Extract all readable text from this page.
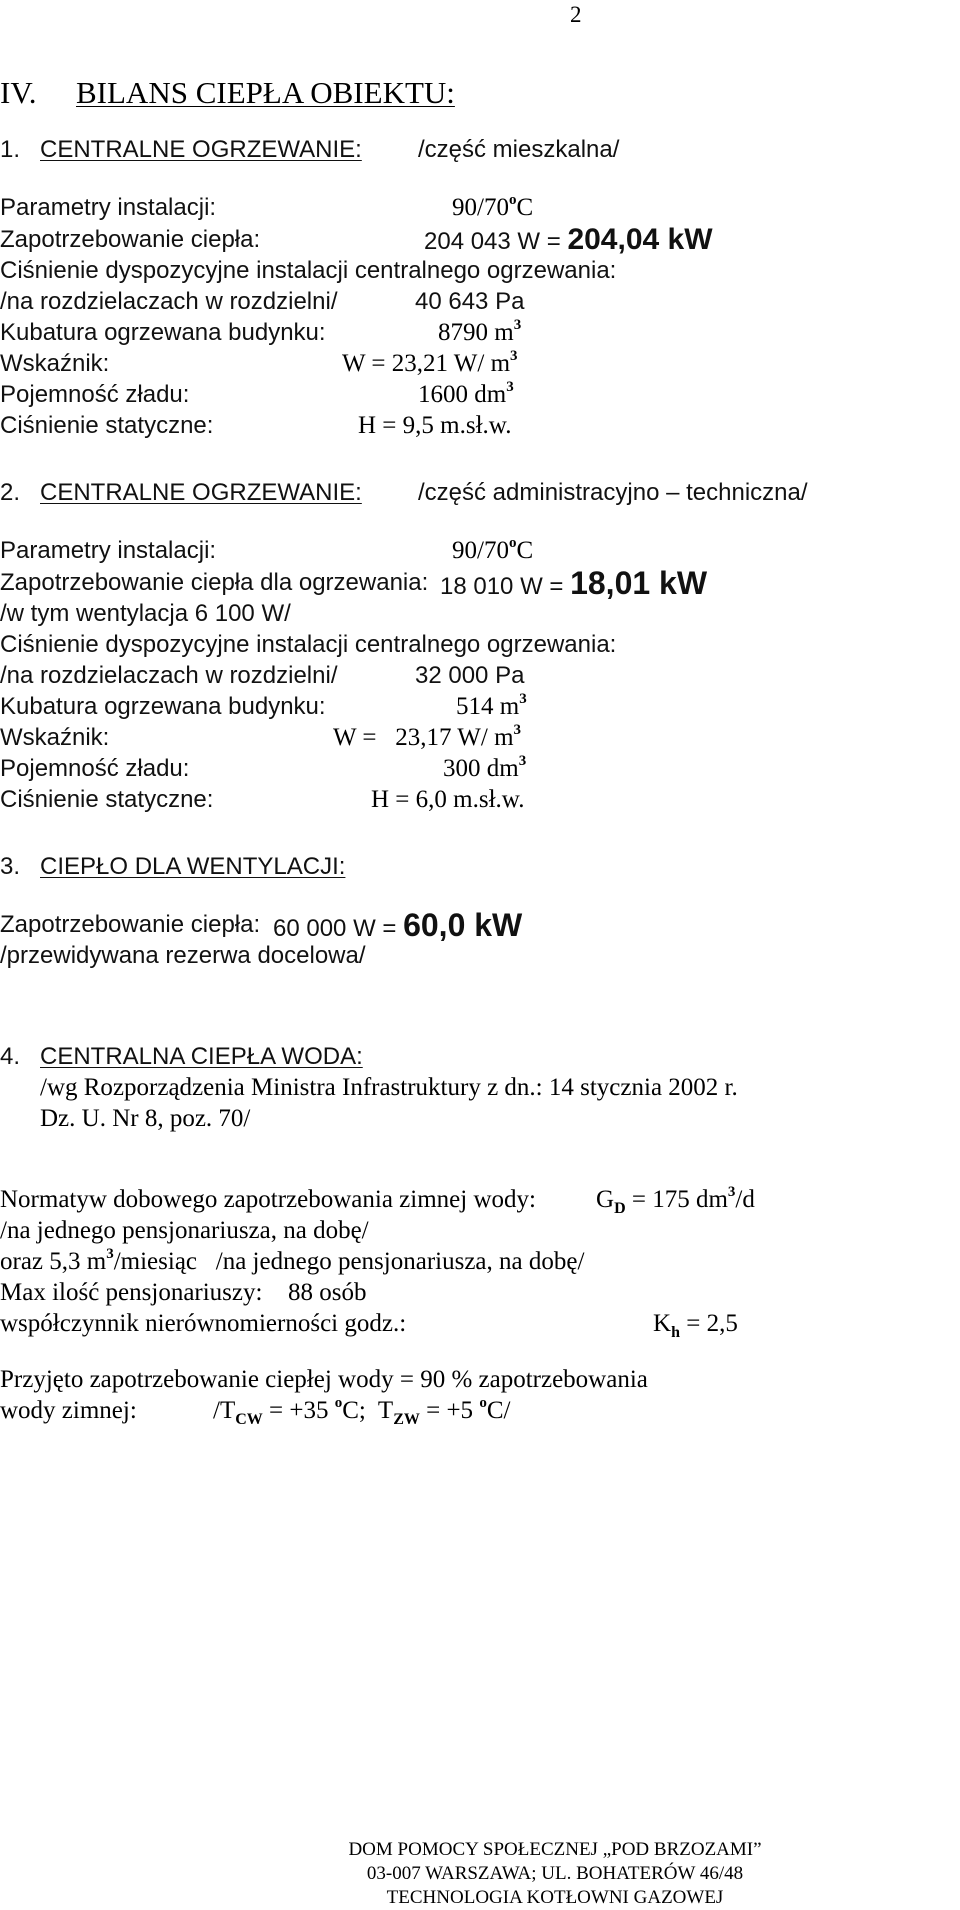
2
IV. BILANS CIEPŁA OBIEKTU:
1. CENTRALNE OGRZEWANIE: /część mieszkalna/
Parametry instalacji:	90/70$^o$C
Zapotrzebowanie ciepła:	204 043 W = 204,04 kW
Ciśnienie dyspozycyjne instalacji centralnego ogrzewania:
/na rozdzielaczach w rozdzielni/	40 643 Pa
Kubatura ogrzewana budynku:	8790 $m^3$
Wskaźnik:	W = 23,21 W/ $m^3$
Pojemność zładu:	1600 $dm^3$
Ciśnienie statyczne:	H = 9,5 m.sł.w.
2. CENTRALNE OGRZEWANIE: /część administracyjno – techniczna/
Parametry instalacji:	90/70$^o$C
Zapotrzebowanie ciepła dla ogrzewania: 18 010 W = 18,01 kW
/w tym wentylacja 6 100 W/
Ciśnienie dyspozycyjne instalacji centralnego ogrzewania:
/na rozdzielaczach w rozdzielni/	32 000 Pa
Kubatura ogrzewana budynku:	514 $m^3$
Wskaźnik:	W =   23,17 W/ $m^3$
Pojemność zładu:	300 $dm^3$
Ciśnienie statyczne:	H = 6,0 m.sł.w.
3. CIEPŁO DLA WENTYLACJI:
Zapotrzebowanie ciepła: 60 000 W = 60,0 kW
/przewidywana rezerwa docelowa/
4. CENTRALNA CIEPŁA WODA:
/wg Rozporządzenia Ministra Infrastruktury z dn.: 14 stycznia 2002 r.
Dz. U. Nr 8, poz. 70/
Normatyw dobowego zapotrzebowania zimnej wody: $G_D = 175$ $dm^3/d$
/na jednego pensjonariusza, na dobę/
oraz 5,3 $m^3$/miesiąc   /na jednego pensjonariusza, na dobę/
Max ilość pensjonariuszy: 88 osób
współczynnik nierównomierności godz.:	$K_h = 2,5$
Przyjęto zapotrzebowanie ciepłej wody = 90 % zapotrzebowania
wody zimnej:	$/T_{CW} = +35$ $^o$C;  $T_{ZW} = +5$ $^o$C/
DOM POMOCY SPOŁECZNEJ „POD BRZOZAMI”
03-007 WARSZAWA; UL. BOHATERÓW 46/48
TECHNOLOGIA KOTŁOWNI GAZOWEJ
